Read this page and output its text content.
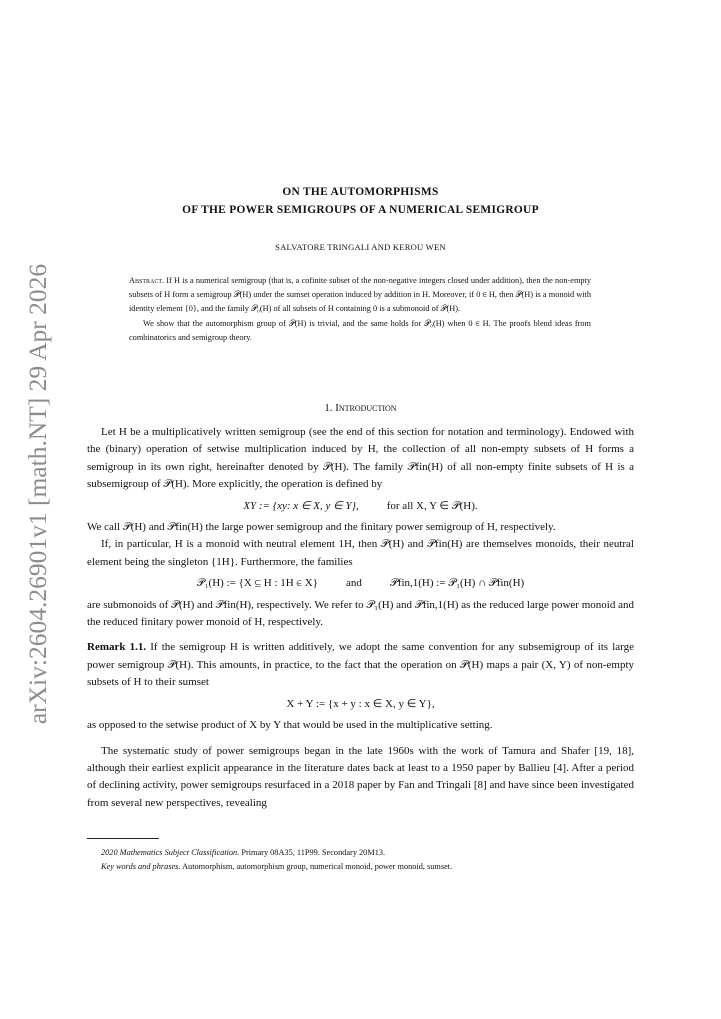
arXiv:2604.26901v1 [math.NT] 29 Apr 2026
ON THE AUTOMORPHISMS
OF THE POWER SEMIGROUPS OF A NUMERICAL SEMIGROUP
SALVATORE TRINGALI AND KEROU WEN

Abstract. If H is a numerical semigroup (that is, a cofinite subset of the non-negative integers closed under addition), then the non-empty subsets of H form a semigroup 𝒫(H) under the sumset operation induced by addition in H. Moreover, if 0 ∈ H, then 𝒫(H) is a monoid with identity element {0}, and the family 𝒫₀(H) of all subsets of H containing 0 is a submonoid of 𝒫(H).

We show that the automorphism group of 𝒫(H) is trivial, and the same holds for 𝒫₀(H) when 0 ∈ H. The proofs blend ideas from combinatorics and semigroup theory.

1. Introduction

Let H be a multiplicatively written semigroup (see the end of this section for notation and terminology). Endowed with the (binary) operation of setwise multiplication induced by H, the collection of all non-empty subsets of H forms a semigroup in its own right, hereinafter denoted by 𝒫(H). The family 𝒫fin(H) of all non-empty finite subsets of H is a subsemigroup of 𝒫(H). More explicitly, the operation is defined by

XY := {xy: x ∈ X, y ∈ Y},	for all X, Y ∈ 𝒫(H).

We call 𝒫(H) and 𝒫fin(H) the large power semigroup and the finitary power semigroup of H, respectively.

If, in particular, H is a monoid with neutral element 1H, then 𝒫(H) and 𝒫fin(H) are themselves monoids, their neutral element being the singleton {1H}. Furthermore, the families

𝒫₁(H) := {X ⊆ H : 1H ∈ X}	and	𝒫fin,1(H) := 𝒫₁(H) ∩ 𝒫fin(H)

are submonoids of 𝒫(H) and 𝒫fin(H), respectively. We refer to 𝒫₁(H) and 𝒫fin,1(H) as the reduced large power monoid and the reduced finitary power monoid of H, respectively.

Remark 1.1. If the semigroup H is written additively, we adopt the same convention for any subsemigroup of its large power semigroup 𝒫(H). This amounts, in practice, to the fact that the operation on 𝒫(H) maps a pair (X, Y) of non-empty subsets of H to their sumset

X + Y := {x + y : x ∈ X, y ∈ Y},

as opposed to the setwise product of X by Y that would be used in the multiplicative setting.

The systematic study of power semigroups began in the late 1960s with the work of Tamura and Shafer [19, 18], although their earliest explicit appearance in the literature dates back at least to a 1950 paper by Ballieu [4]. After a period of declining activity, power semigroups resurfaced in a 2018 paper by Fan and Tringali [8] and have since been investigated from several new perspectives, revealing

2020 Mathematics Subject Classification. Primary 08A35, 11P99. Secondary 20M13.

Key words and phrases. Automorphism, automorphism group, numerical monoid, power monoid, sumset.
